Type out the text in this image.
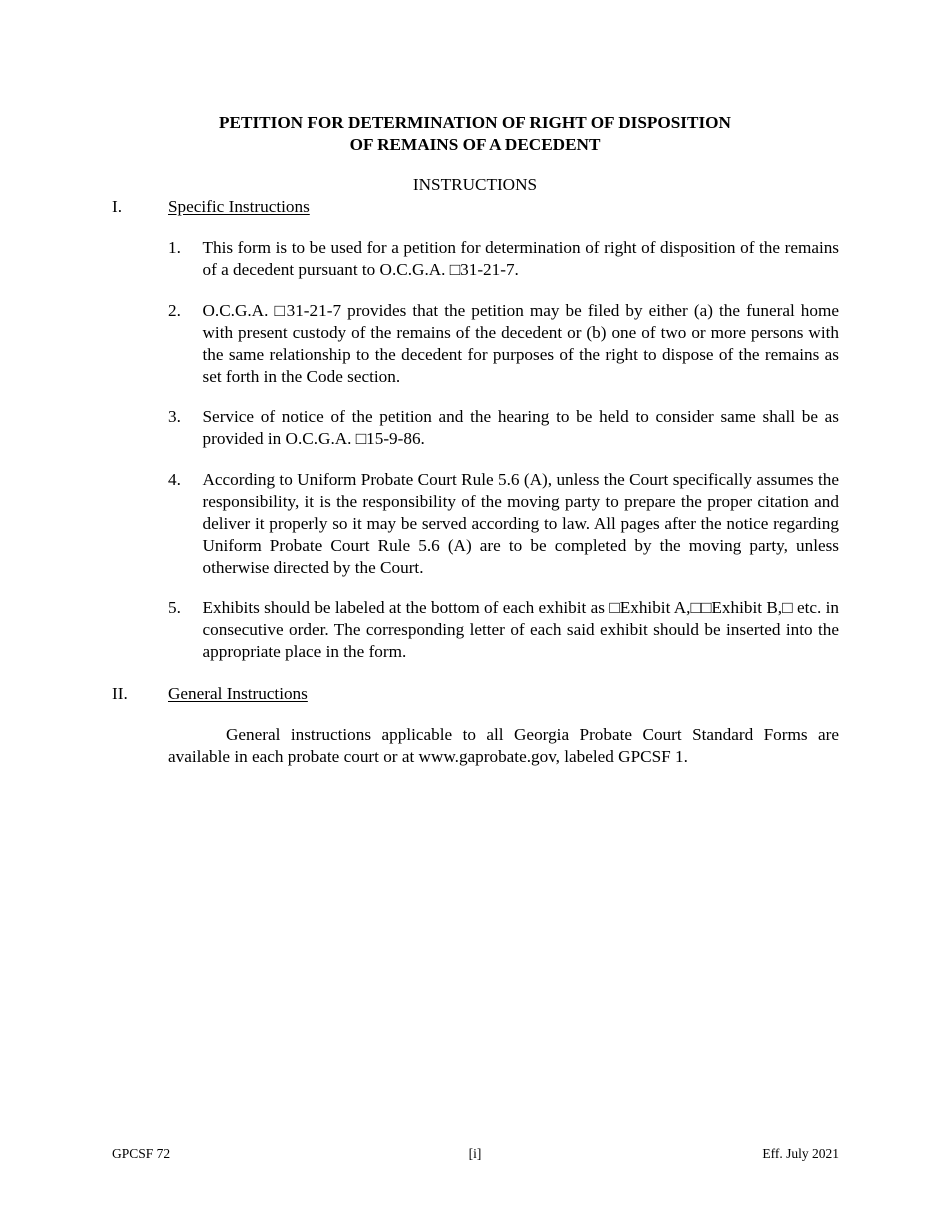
PETITION FOR DETERMINATION OF RIGHT OF DISPOSITION
OF REMAINS OF A DECEDENT
INSTRUCTIONS
I.	Specific Instructions
1. This form is to be used for a petition for determination of right of disposition of the remains of a decedent pursuant to O.C.G.A. □31-21-7.
2. O.C.G.A. □31-21-7 provides that the petition may be filed by either (a) the funeral home with present custody of the remains of the decedent or (b) one of two or more persons with the same relationship to the decedent for purposes of the right to dispose of the remains as set forth in the Code section.
3. Service of notice of the petition and the hearing to be held to consider same shall be as provided in O.C.G.A. □15-9-86.
4. According to Uniform Probate Court Rule 5.6 (A), unless the Court specifically assumes the responsibility, it is the responsibility of the moving party to prepare the proper citation and deliver it properly so it may be served according to law. All pages after the notice regarding Uniform Probate Court Rule 5.6 (A) are to be completed by the moving party, unless otherwise directed by the Court.
5. Exhibits should be labeled at the bottom of each exhibit as □Exhibit A,□□Exhibit B,□ etc. in consecutive order. The corresponding letter of each said exhibit should be inserted into the appropriate place in the form.
II. General Instructions
General instructions applicable to all Georgia Probate Court Standard Forms are available in each probate court or at www.gaprobate.gov, labeled GPCSF 1.
GPCSF 72	[i]	Eff. July 2021
